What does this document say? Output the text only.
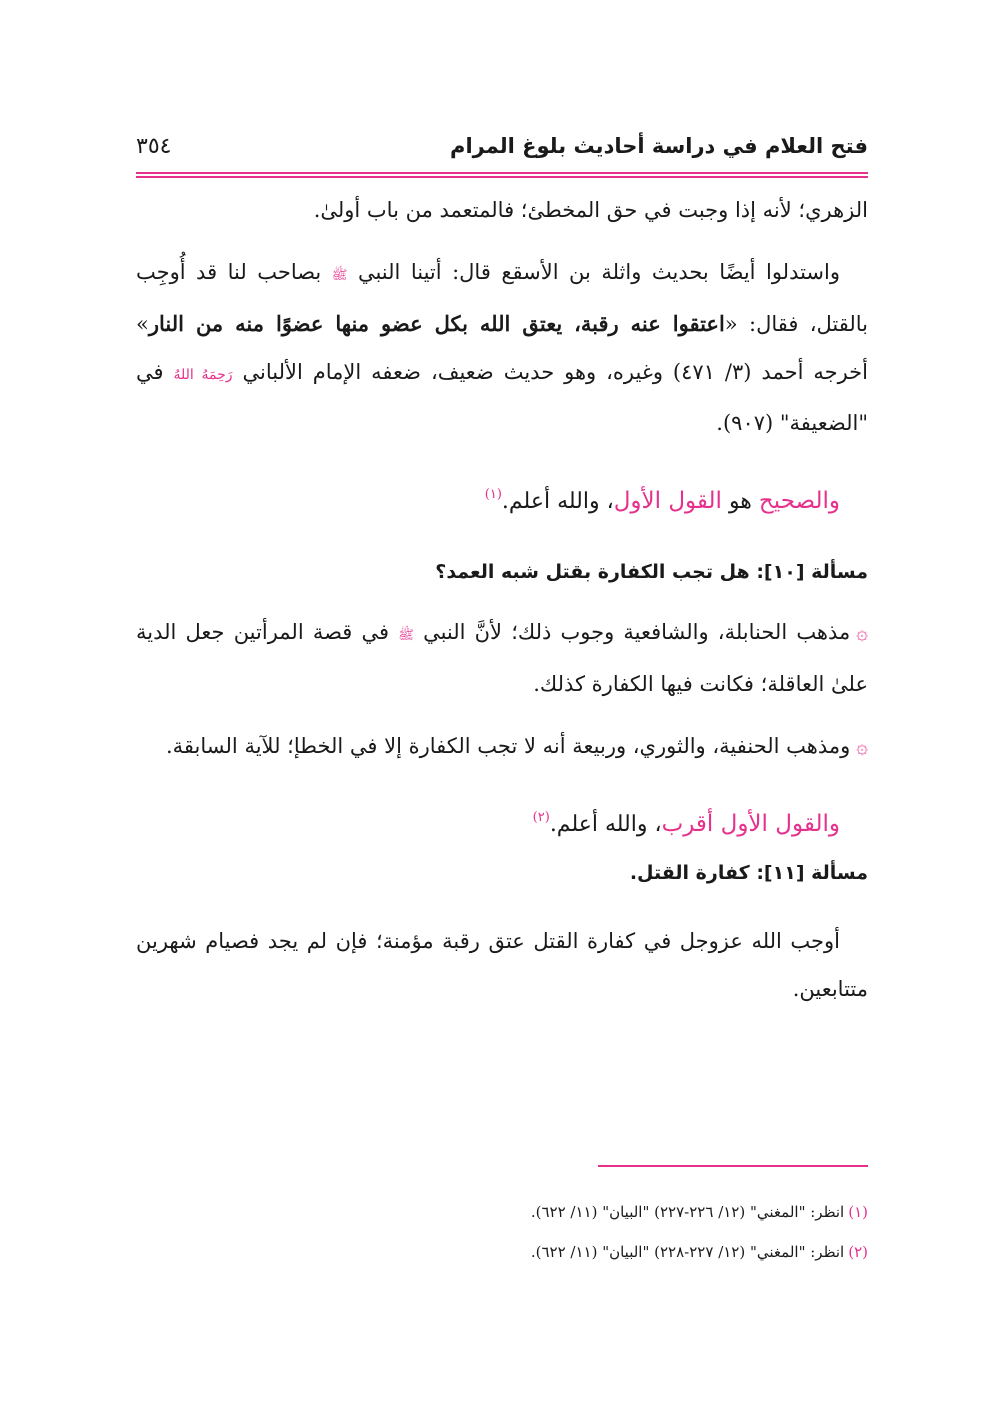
فتح العلام في دراسة أحاديث بلوغ المرام
٣٥٤

الزهري؛ لأنه إذا وجبت في حق المخطئ؛ فالمتعمد من باب أولىٰ.

واستدلوا أيضًا بحديث واثلة بن الأسقع قال: أتينا النبي ﷺ بصاحب لنا قد أُوجِب بالقتل، فقال: «اعتقوا عنه رقبة، يعتق الله بكل عضو منها عضوًا منه من النار» أخرجه أحمد (٣/ ٤٧١) وغيره، وهو حديث ضعيف، ضعفه الإمام الألباني رَحِمَهُ اللهُ في "الضعيفة" (٩٠٧).

والصحيح هو القول الأول، والله أعلم.$^{(١)}$

مسألة [١٠]: هل تجب الكفارة بقتل شبه العمد؟

۞مذهب الحنابلة، والشافعية وجوب ذلك؛ لأنَّ النبي ﷺ في قصة المرأتين جعل الدية علىٰ العاقلة؛ فكانت فيها الكفارة كذلك.

۞ومذهب الحنفية، والثوري، وربيعة أنه لا تجب الكفارة إلا في الخطإ؛ للآية السابقة.

والقول الأول أقرب، والله أعلم.$^{(٢)}$

مسألة [١١]: كفارة القتل.

أوجب الله عزوجل في كفارة القتل عتق رقبة مؤمنة؛ فإن لم يجد فصيام شهرين متتابعين.

(١)انظر: "المغني" (١٢/ ٢٢٦-٢٢٧) "البيان" (١١/ ٦٢٢).
(٢)انظر: "المغني" (١٢/ ٢٢٧-٢٢٨) "البيان" (١١/ ٦٢٢).
